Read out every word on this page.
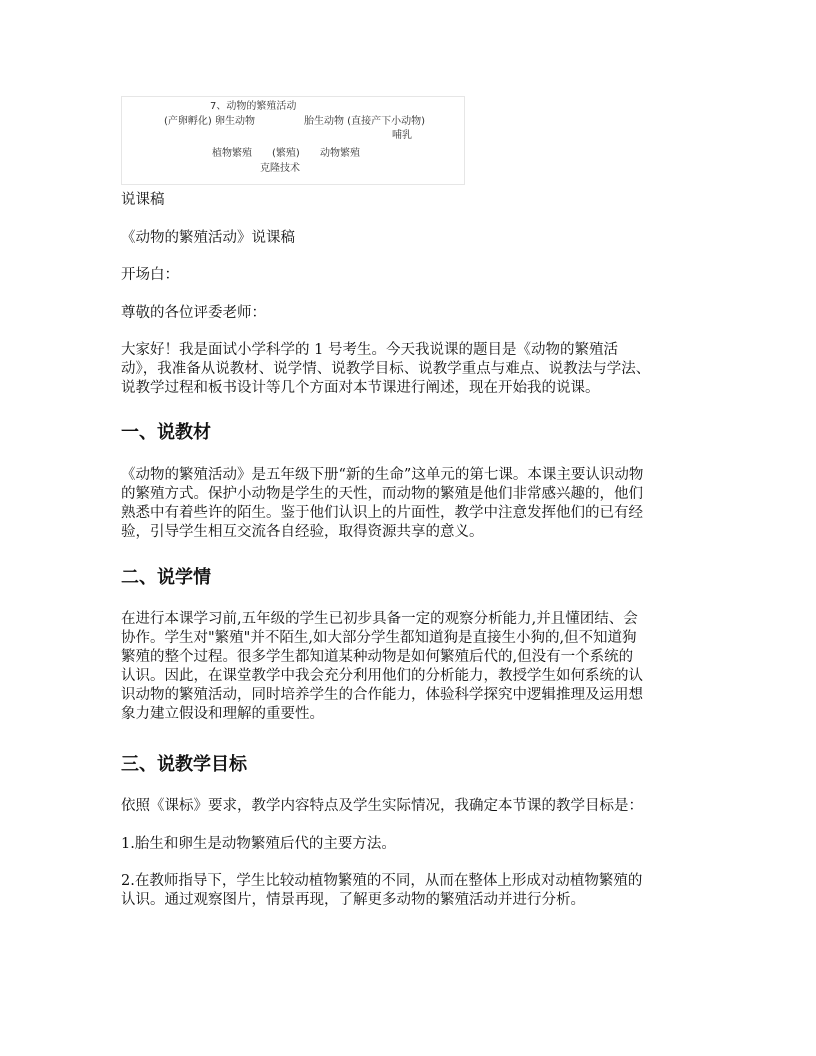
7、动物的繁殖活动
(产卵孵化) 卵生动物	胎生动物 (直接产下小动物)
哺乳
植物繁殖 (繁殖) 动物繁殖
克隆技术

说课稿

《动物的繁殖活动》说课稿

开场白：

尊敬的各位评委老师：

大家好！我是面试小学科学的 1 号考生。今天我说课的题目是《动物的繁殖活
动》，我准备从说教材、说学情、说教学目标、说教学重点与难点、说教法与学法、
说教学过程和板书设计等几个方面对本节课进行阐述，现在开始我的说课。
一、说教材
《动物的繁殖活动》是五年级下册“新的生命”这单元的第七课。本课主要认识动物
的繁殖方式。保护小动物是学生的天性，而动物的繁殖是他们非常感兴趣的，他们
熟悉中有着些许的陌生。鉴于他们认识上的片面性，教学中注意发挥他们的已有经
验，引导学生相互交流各自经验，取得资源共享的意义。
二、说学情
在进行本课学习前,五年级的学生已初步具备一定的观察分析能力,并且懂团结、会
协作。学生对"繁殖"并不陌生,如大部分学生都知道狗是直接生小狗的,但不知道狗
繁殖的整个过程。很多学生都知道某种动物是如何繁殖后代的,但没有一个系统的
认识。因此，在课堂教学中我会充分利用他们的分析能力，教授学生如何系统的认
识动物的繁殖活动，同时培养学生的合作能力，体验科学探究中逻辑推理及运用想
象力建立假设和理解的重要性。
三、说教学目标

依照《课标》要求，教学内容特点及学生实际情况，我确定本节课的教学目标是：

1.胎生和卵生是动物繁殖后代的主要方法。

2.在教师指导下，学生比较动植物繁殖的不同，从而在整体上形成对动植物繁殖的
认识。通过观察图片，情景再现，了解更多动物的繁殖活动并进行分析。
